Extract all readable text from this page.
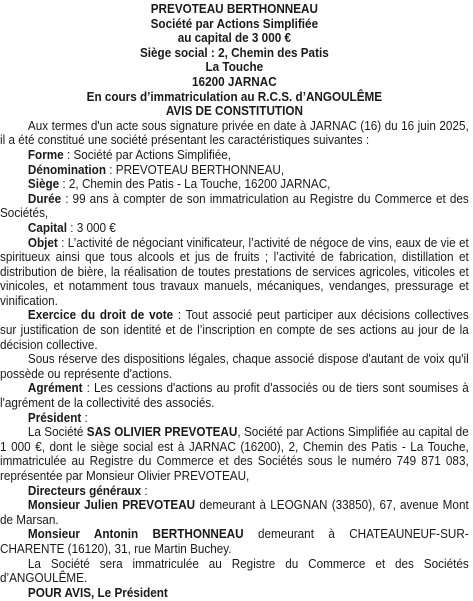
PREVOTEAU BERTHONNEAU
Société par Actions Simplifiée
au capital de 3 000 €
Siège social : 2, Chemin des Patis
La Touche
16200 JARNAC
En cours d’immatriculation au R.C.S. d’ANGOULÊME
AVIS DE CONSTITUTION

Aux termes d'un acte sous signature privée en date à JARNAC (16) du 16 juin 2025, il a été constitué une société présentant les caractéristiques suivantes :

Forme : Société par Actions Simplifiée,

Dénomination : PREVOTEAU BERTHONNEAU,

Siège : 2, Chemin des Patis - La Touche, 16200 JARNAC,

Durée : 99 ans à compter de son immatriculation au Registre du Commerce et des Sociétés,

Capital : 3 000 €

Objet : L’activité de négociant vinificateur, l’activité de négoce de vins, eaux de vie et spiritueux ainsi que tous alcools et jus de fruits ; l’activité de fabrication, distillation et distribution de bière, la réalisation de toutes prestations de services agricoles, viticoles et vinicoles, et notamment tous travaux manuels, mécaniques, vendanges, pressurage et vinification.

Exercice du droit de vote : Tout associé peut participer aux décisions collectives sur justification de son identité et de l’inscription en compte de ses actions au jour de la décision collective.

Sous réserve des dispositions légales, chaque associé dispose d'autant de voix qu'il possède ou représente d'actions.

Agrément : Les cessions d'actions au profit d'associés ou de tiers sont soumises à l'agrément de la collectivité des associés.

Président :

La Société SAS OLIVIER PREVOTEAU, Société par Actions Simplifiée au capital de 1 000 €, dont le siège social est à JARNAC (16200), 2, Chemin des Patis - La Touche, immatriculée au Registre du Commerce et des Sociétés sous le numéro 749 871 083, représentée par Monsieur Olivier PREVOTEAU,

Directeurs généraux :

Monsieur Julien PREVOTEAU demeurant à LEOGNAN (33850), 67, avenue Mont de Marsan.

Monsieur Antonin BERTHONNEAU demeurant à CHATEAUNEUF-SUR-CHARENTE (16120), 31, rue Martin Buchey.

La Société sera immatriculée au Registre du Commerce et des Sociétés d’ANGOULÊME.

POUR AVIS, Le Président
